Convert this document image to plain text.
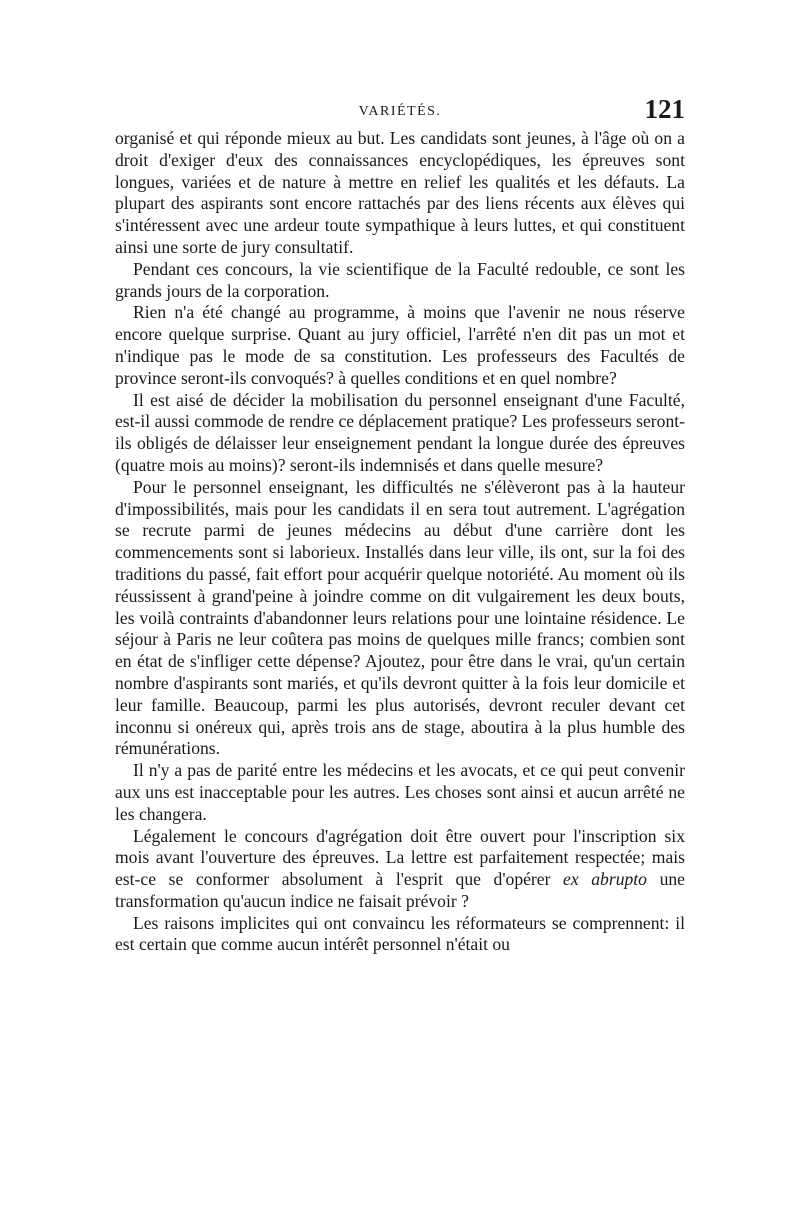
VARIÉTÉS.	121

organisé et qui réponde mieux au but. Les candidats sont jeunes, à l'âge où on a droit d'exiger d'eux des connaissances encyclopédiques, les épreuves sont longues, variées et de nature à mettre en relief les qualités et les défauts. La plupart des aspirants sont encore rattachés par des liens récents aux élèves qui s'intéressent avec une ardeur toute sympathique à leurs luttes, et qui constituent ainsi une sorte de jury consultatif.

Pendant ces concours, la vie scientifique de la Faculté redouble, ce sont les grands jours de la corporation.

Rien n'a été changé au programme, à moins que l'avenir ne nous réserve encore quelque surprise. Quant au jury officiel, l'arrêté n'en dit pas un mot et n'indique pas le mode de sa constitution. Les professeurs des Facultés de province seront-ils convoqués? à quelles conditions et en quel nombre?

Il est aisé de décider la mobilisation du personnel enseignant d'une Faculté, est-il aussi commode de rendre ce déplacement pratique? Les professeurs seront-ils obligés de délaisser leur enseignement pendant la longue durée des épreuves (quatre mois au moins)? seront-ils indemnisés et dans quelle mesure?

Pour le personnel enseignant, les difficultés ne s'élèveront pas à la hauteur d'impossibilités, mais pour les candidats il en sera tout autrement. L'agrégation se recrute parmi de jeunes médecins au début d'une carrière dont les commencements sont si laborieux. Installés dans leur ville, ils ont, sur la foi des traditions du passé, fait effort pour acquérir quelque notoriété. Au moment où ils réussissent à grand'peine à joindre comme on dit vulgairement les deux bouts, les voilà contraints d'abandonner leurs relations pour une lointaine résidence. Le séjour à Paris ne leur coûtera pas moins de quelques mille francs; combien sont en état de s'infliger cette dépense? Ajoutez, pour être dans le vrai, qu'un certain nombre d'aspirants sont mariés, et qu'ils devront quitter à la fois leur domicile et leur famille. Beaucoup, parmi les plus autorisés, devront reculer devant cet inconnu si onéreux qui, après trois ans de stage, aboutira à la plus humble des rémunérations.

Il n'y a pas de parité entre les médecins et les avocats, et ce qui peut convenir aux uns est inacceptable pour les autres. Les choses sont ainsi et aucun arrêté ne les changera.

Légalement le concours d'agrégation doit être ouvert pour l'inscription six mois avant l'ouverture des épreuves. La lettre est parfaitement respectée; mais est-ce se conformer absolument à l'esprit que d'opérer ex abrupto une transformation qu'aucun indice ne faisait prévoir ?

Les raisons implicites qui ont convaincu les réformateurs se comprennent: il est certain que comme aucun intérêt personnel n'était ou
